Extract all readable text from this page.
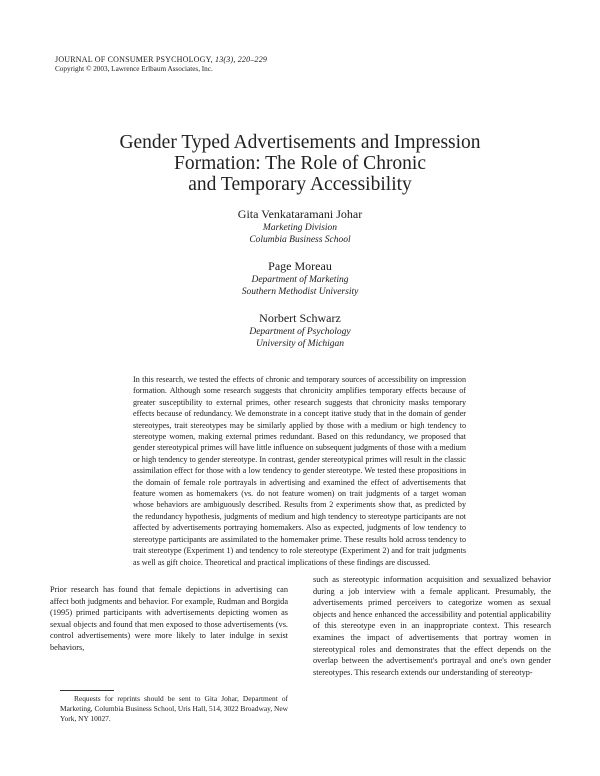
JOURNAL OF CONSUMER PSYCHOLOGY, 13(3), 220–229
Copyright © 2003, Lawrence Erlbaum Associates, Inc.
Gender Typed Advertisements and Impression
Formation: The Role of Chronic
and Temporary Accessibility
Gita Venkataramani Johar
Marketing Division
Columbia Business School
Page Moreau
Department of Marketing
Southern Methodist University
Norbert Schwarz
Department of Psychology
University of Michigan
In this research, we tested the effects of chronic and temporary sources of accessibility on impression formation. Although some research suggests that chronicity amplifies temporary effects because of greater susceptibility to external primes, other research suggests that chronicity masks temporary effects because of redundancy. We demonstrate in a concept itative study that in the domain of gender stereotypes, trait stereotypes may be similarly applied by those with a medium or high tendency to stereotype women, making external primes redundant. Based on this redundancy, we proposed that gender stereotypical primes will have little influence on subsequent judgments of those with a medium or high tendency to gender stereotype. In contrast, gender stereotypical primes will result in the classic assimilation effect for those with a low tendency to gender stereotype. We tested these propositions in the domain of female role portrayals in advertising and examined the effect of advertisements that feature women as homemakers (vs. do not feature women) on trait judgments of a target woman whose behaviors are ambiguously described. Results from 2 experiments show that, as predicted by the redundancy hypothesis, judgments of medium and high tendency to stereotype participants are not affected by advertisements portraying homemakers. Also as expected, judgments of low tendency to stereotype participants are assimilated to the homemaker prime. These results hold across tendency to trait stereotype (Experiment 1) and tendency to role stereotype (Experiment 2) and for trait judgments as well as gift choice. Theoretical and practical implications of these findings are discussed.
Prior research has found that female depictions in advertising can affect both judgments and behavior. For example, Rudman and Borgida (1995) primed participants with advertisements depicting women as sexual objects and found that men exposed to those advertisements (vs. control advertisements) were more likely to later indulge in sexist behaviors,
such as stereotypic information acquisition and sexualized behavior during a job interview with a female applicant. Presumably, the advertisements primed perceivers to categorize women as sexual objects and hence enhanced the accessibility and potential applicability of this stereotype even in an inappropriate context. This research examines the impact of advertisements that portray women in stereotypical roles and demonstrates that the effect depends on the overlap between the advertisement's portrayal and one's own gender stereotypes. This research extends our understanding of stereotyp-
Requests for reprints should be sent to Gita Johar, Department of Marketing, Columbia Business School, Uris Hall, 514, 3022 Broadway, New York, NY 10027.
